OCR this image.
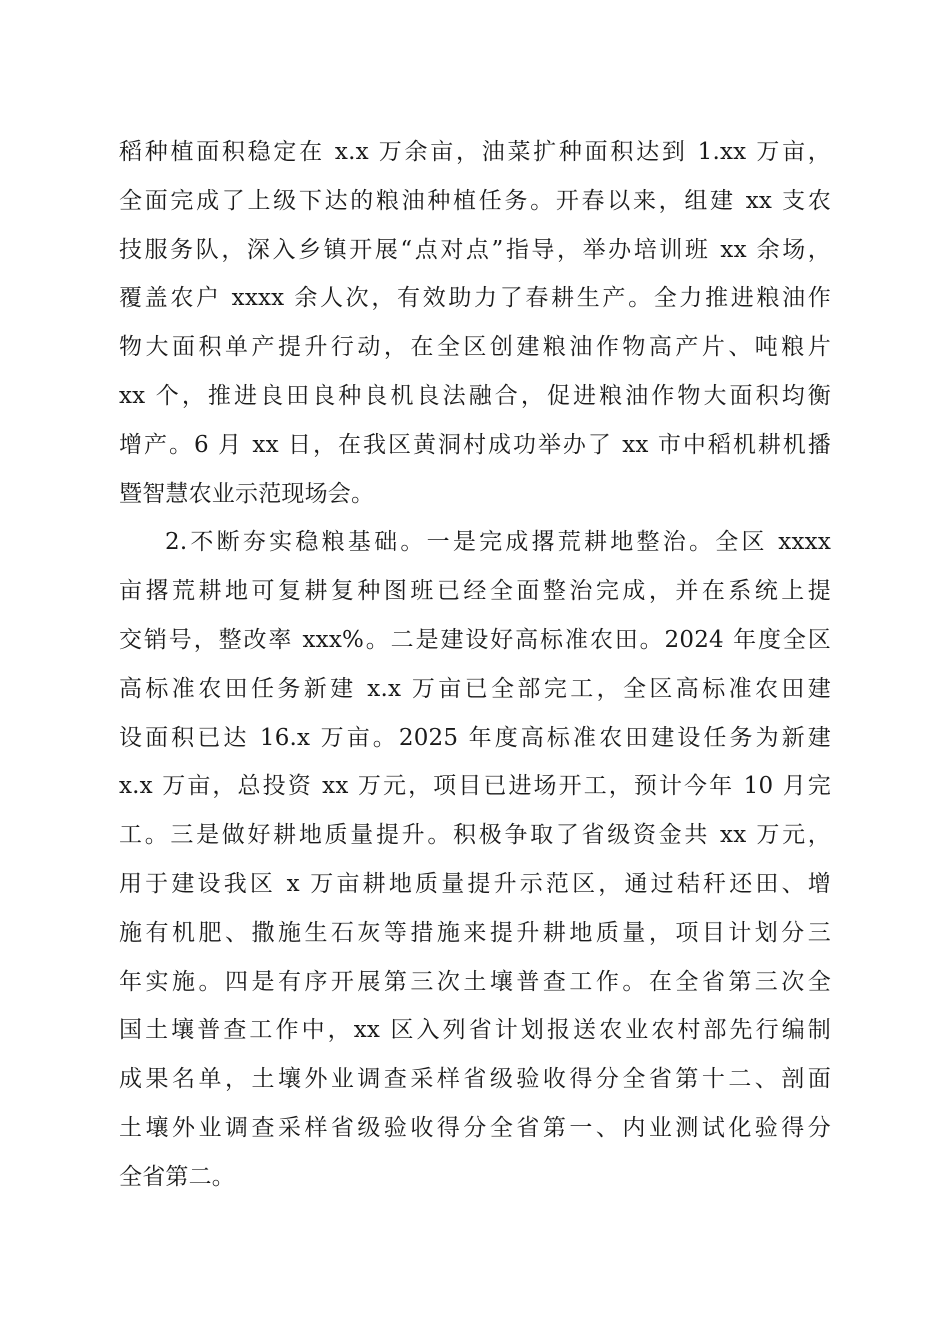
稻种植面积稳定在 x.x 万余亩，油菜扩种面积达到 1.xx 万亩，
全面完成了上级下达的粮油种植任务。开春以来，组建 xx 支农
技服务队，深入乡镇开展“点对点”指导，举办培训班 xx 余场，
覆盖农户 xxxx 余人次，有效助力了春耕生产。全力推进粮油作
物大面积单产提升行动，在全区创建粮油作物高产片、吨粮片
xx 个，推进良田良种良机良法融合，促进粮油作物大面积均衡
增产。6 月 xx 日，在我区黄洞村成功举办了 xx 市中稻机耕机播
暨智慧农业示范现场会。
2.不断夯实稳粮基础。一是完成撂荒耕地整治。全区 xxxx
亩撂荒耕地可复耕复种图班已经全面整治完成，并在系统上提
交销号，整改率 xxx%。二是建设好高标准农田。2024 年度全区
高标准农田任务新建 x.x 万亩已全部完工，全区高标准农田建
设面积已达 16.x 万亩。2025 年度高标准农田建设任务为新建
x.x 万亩，总投资 xx 万元，项目已进场开工，预计今年 10 月完
工。三是做好耕地质量提升。积极争取了省级资金共 xx 万元，
用于建设我区 x 万亩耕地质量提升示范区，通过秸秆还田、增
施有机肥、撒施生石灰等措施来提升耕地质量，项目计划分三
年实施。四是有序开展第三次土壤普查工作。在全省第三次全
国土壤普查工作中，xx 区入列省计划报送农业农村部先行编制
成果名单，土壤外业调查采样省级验收得分全省第十二、剖面
土壤外业调查采样省级验收得分全省第一、内业测试化验得分
全省第二。
